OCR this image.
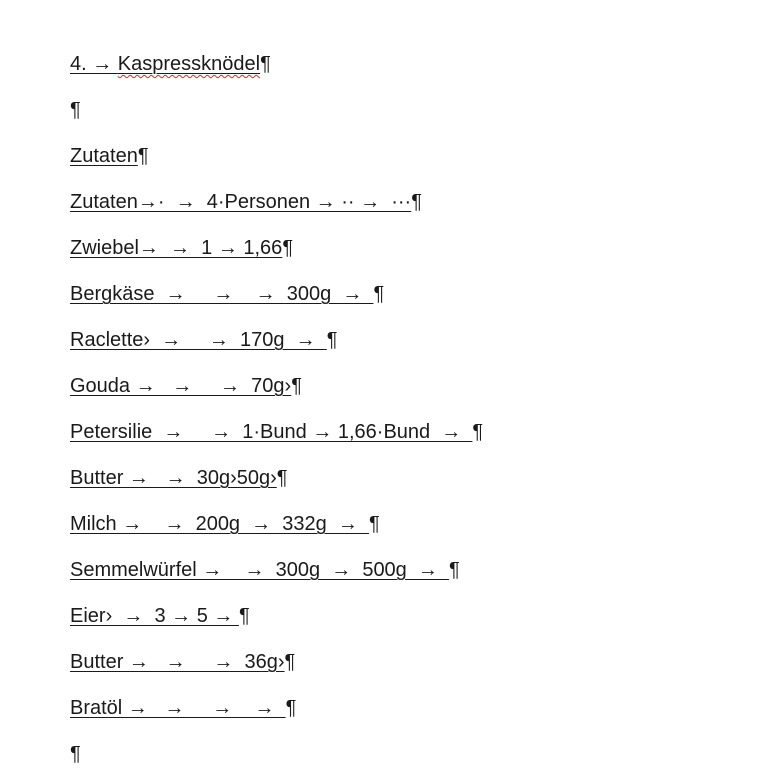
4. → Kaspressknödel¶
¶
Zutaten¶
Zutaten→·  →  4·Personen → ·· →  ···¶
Zwiebel→  →  1 → 1,66¶
Bergkäse  →     →    →  300g  →  ¶
Raclette›  →     →  170g  →  ¶
Gouda →   →     →  70g›¶
Petersilie  →     →  1·Bund → 1,66·Bund  →  ¶
Butter →   →  30g›50g›¶
Milch →    →  200g  →  332g  →  ¶
Semmelwürfel →    →  300g  →  500g  →  ¶
Eier›  →  3 → 5 → ¶
Butter →   →     →  36g›¶
Bratöl →   →     →    →  ¶
¶
